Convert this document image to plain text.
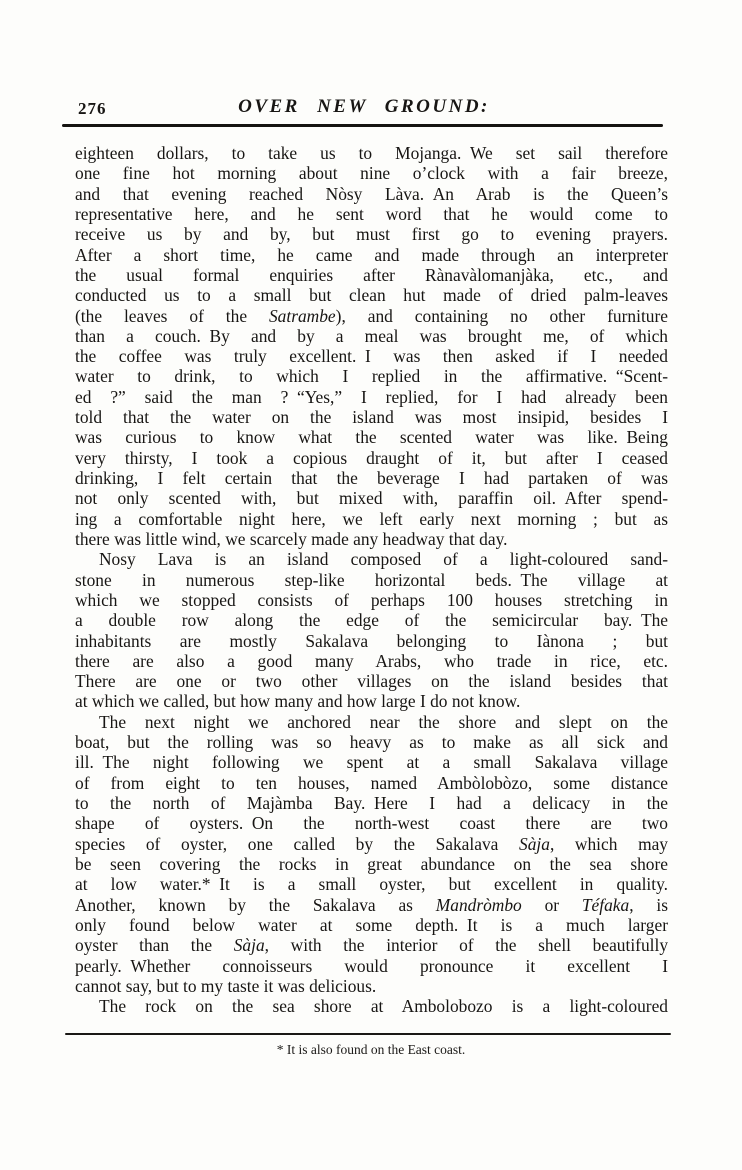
276	OVER NEW GROUND:
eighteen dollars, to take us to Mojanga. We set sail therefore
one fine hot morning about nine o’clock with a fair breeze,
and that evening reached Nòsy Làva. An Arab is the Queen’s
representative here, and he sent word that he would come to
receive us by and by, but must first go to evening prayers.
After a short time, he came and made through an interpreter
the usual formal enquiries after Rànavàlomanjàka, etc., and
conducted us to a small but clean hut made of dried palm-leaves
(the leaves of the Satrambe), and containing no other furniture
than a couch. By and by a meal was brought me, of which
the coffee was truly excellent. I was then asked if I needed
water to drink, to which I replied in the affirmative. “Scent-
ed ?” said the man ? “Yes,” I replied, for I had already been
told that the water on the island was most insipid, besides I
was curious to know what the scented water was like. Being
very thirsty, I took a copious draught of it, but after I ceased
drinking, I felt certain that the beverage I had partaken of was
not only scented with, but mixed with, paraffin oil. After spend-
ing a comfortable night here, we left early next morning ; but as
there was little wind, we scarcely made any headway that day.
Nosy Lava is an island composed of a light-coloured sand-
stone in numerous step-like horizontal beds. The village at
which we stopped consists of perhaps 100 houses stretching in
a double row along the edge of the semicircular bay. The
inhabitants are mostly Sakalava belonging to Iànona ; but
there are also a good many Arabs, who trade in rice, etc.
There are one or two other villages on the island besides that
at which we called, but how many and how large I do not know.
The next night we anchored near the shore and slept on the
boat, but the rolling was so heavy as to make as all sick and
ill. The night following we spent at a small Sakalava village
of from eight to ten houses, named Ambòlobòzo, some distance
to the north of Majàmba Bay. Here I had a delicacy in the
shape of oysters. On the north-west coast there are two
species of oyster, one called by the Sakalava Sàja, which may
be seen covering the rocks in great abundance on the sea shore
at low water.* It is a small oyster, but excellent in quality.
Another, known by the Sakalava as Mandròmbo or Téfaka, is
only found below water at some depth. It is a much larger
oyster than the Sàja, with the interior of the shell beautifully
pearly. Whether connoisseurs would pronounce it excellent I
cannot say, but to my taste it was delicious.
The rock on the sea shore at Ambolobozo is a light-coloured
* It is also found on the East coast.
